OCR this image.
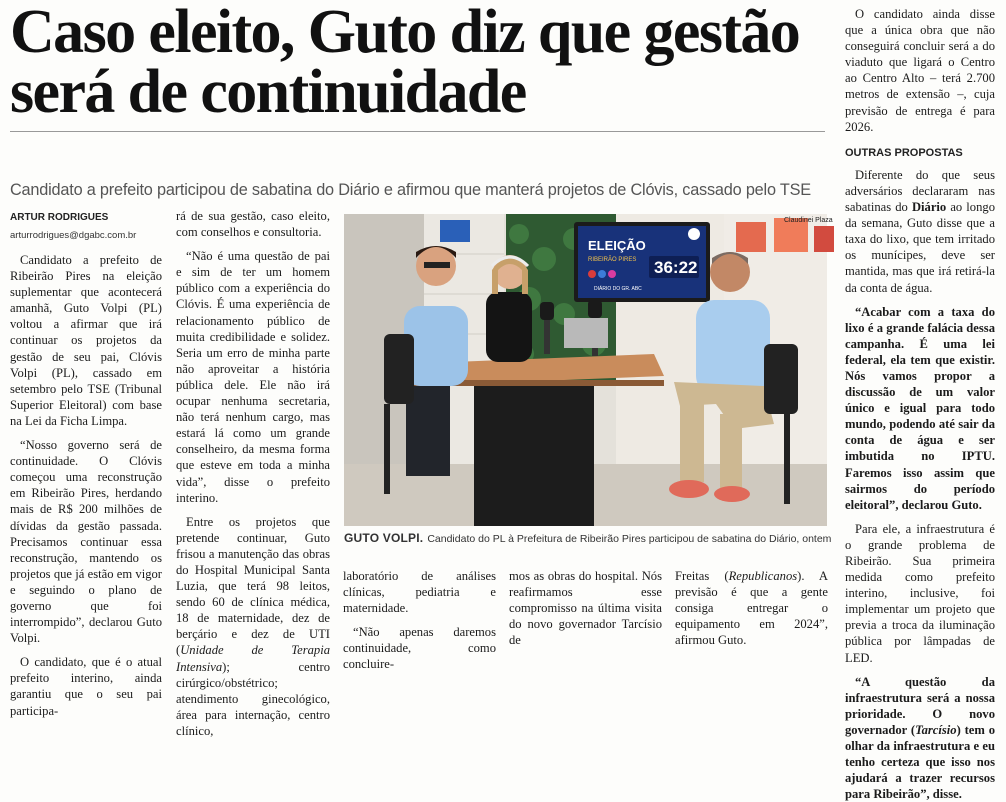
Caso eleito, Guto diz que gestão será de continuidade

Candidato a prefeito participou de sabatina do Diário e afirmou que manterá projetos de Clóvis, cassado pelo TSE

ARTUR RODRIGUES
arturrodrigues@dgabc.com.br

Candidato a prefeito de Ribeirão Pires na eleição suplementar que acontecerá amanhã, Guto Volpi (PL) voltou a afirmar que irá continuar os projetos da gestão de seu pai, Clóvis Volpi (PL), cassado em setembro pelo TSE (Tribunal Superior Eleitoral) com base na Lei da Ficha Limpa.

“Nosso governo será de continuidade. O Clóvis começou uma reconstrução em Ribeirão Pires, herdando mais de R$ 200 milhões de dívidas da gestão passada. Precisamos continuar essa reconstrução, mantendo os projetos que já estão em vigor e seguindo o plano de governo que foi interrompido”, declarou Guto Volpi.

O candidato, que é o atual prefeito interino, ainda garantiu que o seu pai participa-

rá de sua gestão, caso eleito, com conselhos e consultoria.

“Não é uma questão de pai e sim de ter um homem público com a experiência do Clóvis. É uma experiência de relacionamento público de muita credibilidade e solidez. Seria um erro de minha parte não aproveitar a história pública dele. Ele não irá ocupar nenhuma secretaria, não terá nenhum cargo, mas estará lá como um grande conselheiro, da mesma forma que esteve em toda a minha vida”, disse o prefeito interino.

Entre os projetos que pretende continuar, Guto frisou a manutenção das obras do Hospital Municipal Santa Luzia, que terá 98 leitos, sendo 60 de clínica médica, 18 de maternidade, dez de berçário e dez de UTI (Unidade de Terapia Intensiva); centro cirúrgico/obstétrico; atendimento ginecológico, área para internação, centro clínico,

ELEIÇÃO
RIBEIRÃO PIRES 36:22
DIÁRIO DO GR. ABC
Claudinei Plaza
GUTO VOLPI. Candidato do PL à Prefeitura de Ribeirão Pires participou de sabatina do Diário, ontem

laboratório de análises clínicas, pediatria e maternidade.

“Não apenas daremos continuidade, como concluire-

mos as obras do hospital. Nós reafirmamos esse compromisso na última visita do novo governador Tarcísio de

Freitas (Republicanos). A previsão é que a gente consiga entregar o equipamento em 2024”, afirmou Guto.

O candidato ainda disse que a única obra que não conseguirá concluir será a do viaduto que ligará o Centro ao Centro Alto – terá 2.700 metros de extensão –, cuja previsão de entrega é para 2026.

OUTRAS PROPOSTAS

Diferente do que seus adversários declararam nas sabatinas do Diário ao longo da semana, Guto disse que a taxa do lixo, que tem irritado os munícipes, deve ser mantida, mas que irá retirá-la da conta de água.

“Acabar com a taxa do lixo é a grande falácia dessa campanha. É uma lei federal, ela tem que existir. Nós vamos propor a discussão de um valor único e igual para todo mundo, podendo até sair da conta de água e ser imbutida no IPTU. Faremos isso assim que sairmos do período eleitoral”, declarou Guto.

Para ele, a infraestrutura é o grande problema de Ribeirão. Sua primeira medida como prefeito interino, inclusive, foi implementar um projeto que previa a troca da iluminação pública por lâmpadas de LED.

“A questão da infraestrutura será a nossa prioridade. O novo governador (Tarcísio) tem o olhar da infraestrutura e eu tenho certeza que isso nos ajudará a trazer recursos para Ribeirão”, disse.
